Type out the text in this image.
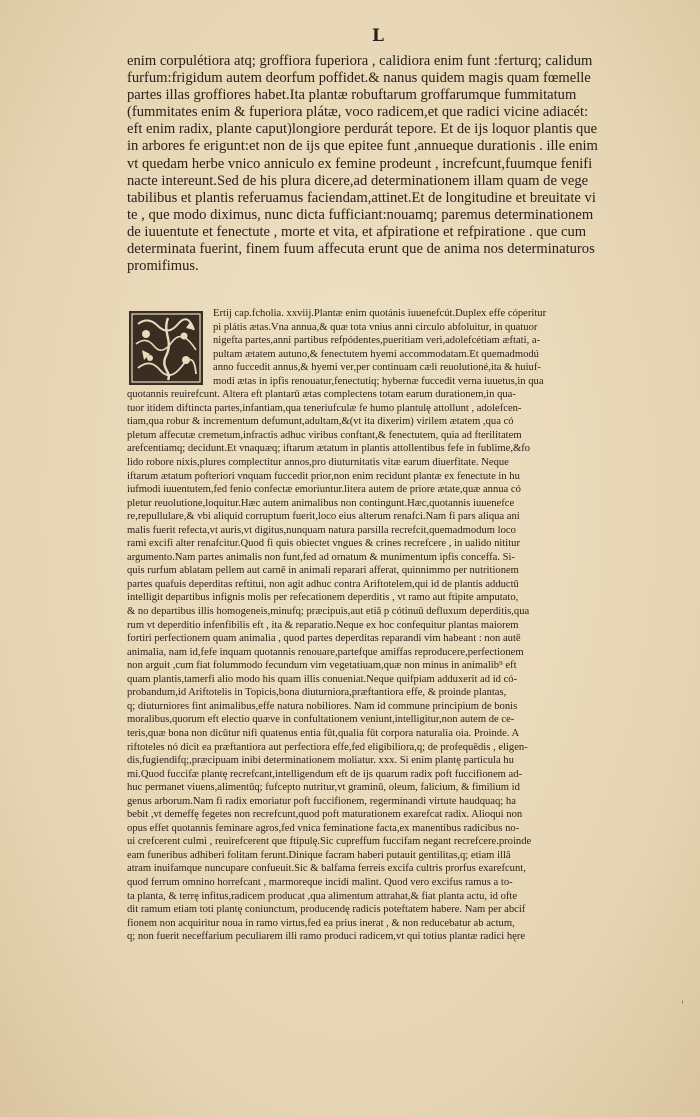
L
enim corpulétiora atq; groffiora fuperiora , calidiora enim funt :ferturq; calidum
furfum:frigidum autem deorfum poffidet.& nanus quidem magis quam fœmelle
partes illas groffiores habet.Ita plantæ robuftarum groffarumque fummitatum
(fummitates enim & fuperiora plátæ, voco radicem,et que radici vicine adiacét:
eft enim radix, plante caput)longiore perdurát tepore. Et de ijs loquor plantis que
in arbores fe erigunt:et non de ijs que epitee funt ,annueque durationis . ille enim
vt quedam herbe vnico anniculo ex femine prodeunt , increfcunt,fuumque fenifi
nacte intereunt.Sed de his plura dicere,ad determinationem illam quam de vege
tabilibus et plantis referuamus faciendam,attinet.Et de longitudine et breuitate vi
te , que modo diximus, nunc dicta fufficiant:nouamq; paremus determinationem
de iuuentute et fenectute , morte et vita, et afpiratione et refpiratione . que cum
determinata fuerint, finem fuum affecuta erunt que de anima nos determinaturos
promifimus.
Ertij cap.fcholia. xxviij.Plantæ enim quotánis iuuenefcút.Duplex effe cóperitur
pi plátis ætas.Vna annua,& quæ tota vnius anni circulo abfoluitur, in quatuor
nigefta partes,anni partibus refpódentes,pueritiam veri,adolefcétiam æftati, a-
pultam ætatem autuno,& fenectutem hyemi accommodatam.Et quemadmodú
anno fuccedit annus,& hyemi ver,per continuam cæli reuolutioné,ita & huiuf-
modi ætas in ipfis renouatur,fenectutiq; hybernæ fuccedit verna iuuetus,in qua
quotannis reuirefcunt. Altera eft plantarū ætas complectens totam earum durationem,in qua-
tuor itidem diftincta partes,infantiam,qua teneriufculæ fe humo plantulę attollunt , adolefcen-
tiam,qua robur & incrementum defumunt,adultam,&(vt ita dixerim) virilem ætatem ,qua có
pletum affecutæ cremetum,infractis adhuc viribus conftant,& fenectutem, quia ad fterilitatem
arefcentiamq; decidunt.Et vnaquæq; iftarum ætatum in plantis attollentibus fefe in fublime,&fo
lido robore nixis,plures complectitur annos,pro diuturnitatis vitæ earum diuerfitate. Neque
iftarum ætatum pofteriori vnquam fuccedit prior,non enim recidunt plantæ ex fenectute in hu
iufmodi iuuentutem,fed fenio confectæ emoriuntur.litera autem de priore ætate,quæ annua có
pletur reuolutione,loquitur.Hæc autem animalibus non contingunt.Hæc,quotannis iuuenefce
re,repullulare,& vbi aliquid corruptum fuerit,loco eius alterum renafci.Nam fi pars aliqua ani
malis fuerit refecta,vt auris,vt digitus,nunquam natura parsilla recrefcit,quemadmodum loco
rami excifi alter renafcitur.Quod fi quis obiectet vngues & crines recrefcere , in ualido nititur
argumento.Nam partes animalis non funt,fed ad ornatum & munimentum ipfis conceffa. Si-
quis rurfum ablatam pellem aut carnē in animali reparari afferat, quinnimmo per nutritionem
partes quafuis deperditas reftitui, non agit adhuc contra Ariftotelem,qui id de plantis adductū
intelligit departibus infignis molis per refecationem deperditis , vt ramo aut ftipite amputato,
& no departibus illis homogeneis,minufq; præcipuis,aut etiā p cótinuū defluxum deperditis,qua
rum vt deperditio infenfibilis eft , ita & reparatio.Neque ex hoc confequitur plantas maiorem
fortiri perfectionem quam animalia , quod partes deperditas reparandi vim habeant : non autē
animalia, nam id,fefe inquam quotannis renouare,partefque amiffas reproducere,perfectionem
non arguit ,cum fiat folummodo fecundum vim vegetatiuam,quæ non minus in animalib⁹ eft
quam plantis,tamerfi alio modo his quam illis conueniat.Neque quifpiam adduxerit ad id có-
probandum,id Ariftotelis in Topicis,bona diuturniora,præftantiora effe, & proinde plantas,
q; diuturniores fint animalibus,effe natura nobiliores. Nam id commune principium de bonis
moralibus,quorum eft electio quæve in confultationem veniunt,intelligitur,non autem de ce-
teris,quæ bona non dicūtur nifi quatenus entia fūt,qualia fūt corpora naturalia oia. Proinde. A
riftoteles nó dicit ea præftantiora aut perfectiora effe,fed eligibiliora,q; de profequēdis , eligen-
dis,fugiendifq;,præcipuam inibi determinationem moliatur. xxx. Si enim plantę particula hu
mi.Quod fuccifæ plantę recrefcant,intelligendum eft de ijs quarum radix poft fuccifionem ad-
huc permanet viuens,alimentūq; fufcepto nutritur,vt graminū, oleum, falicium, & fimilium id
genus arborum.Nam fi radix emoriatur poft fuccifionem, regerminandi virtute haudquaq; ha
bebit ,vt demeffę fegetes non recrefcunt,quod poft maturationem exarefcat radix. Alioqui non
opus effet quotannis feminare agros,fed vnica feminatione facta,ex manentibus radicibus no-
ui crefcerent culmi , reuirefcerent que ftipulę.Sic cupreffum fuccifam negant recrefcere.proinde
eam funeribus adhiberi folitam ferunt.Dinique facram haberi putauit gentilitas,q; etiam illā
atram inuifamque nuncupare confueuit.Sic & balfama ferreis excifa cultris prorfus exarefcunt,
quod ferrum omnino horrefcant , marmoreque incidi malint. Quod vero excifus ramus a to-
ta planta, & terrę infitus,radicem producat ,qua alimentum attrahat,& fiat planta actu, id ofte
dit ramum etiam toti plantę coniunctum, producendę radicis poteftatem habere. Nam per abcif
fionem non acquiritur noua in ramo virtus,fed ea prius inerat , & non reducebatur ab actum,
q; non fuerit neceffarium peculiarem illi ramo produci radicem,vt qui totius plantæ radici hęre
'
